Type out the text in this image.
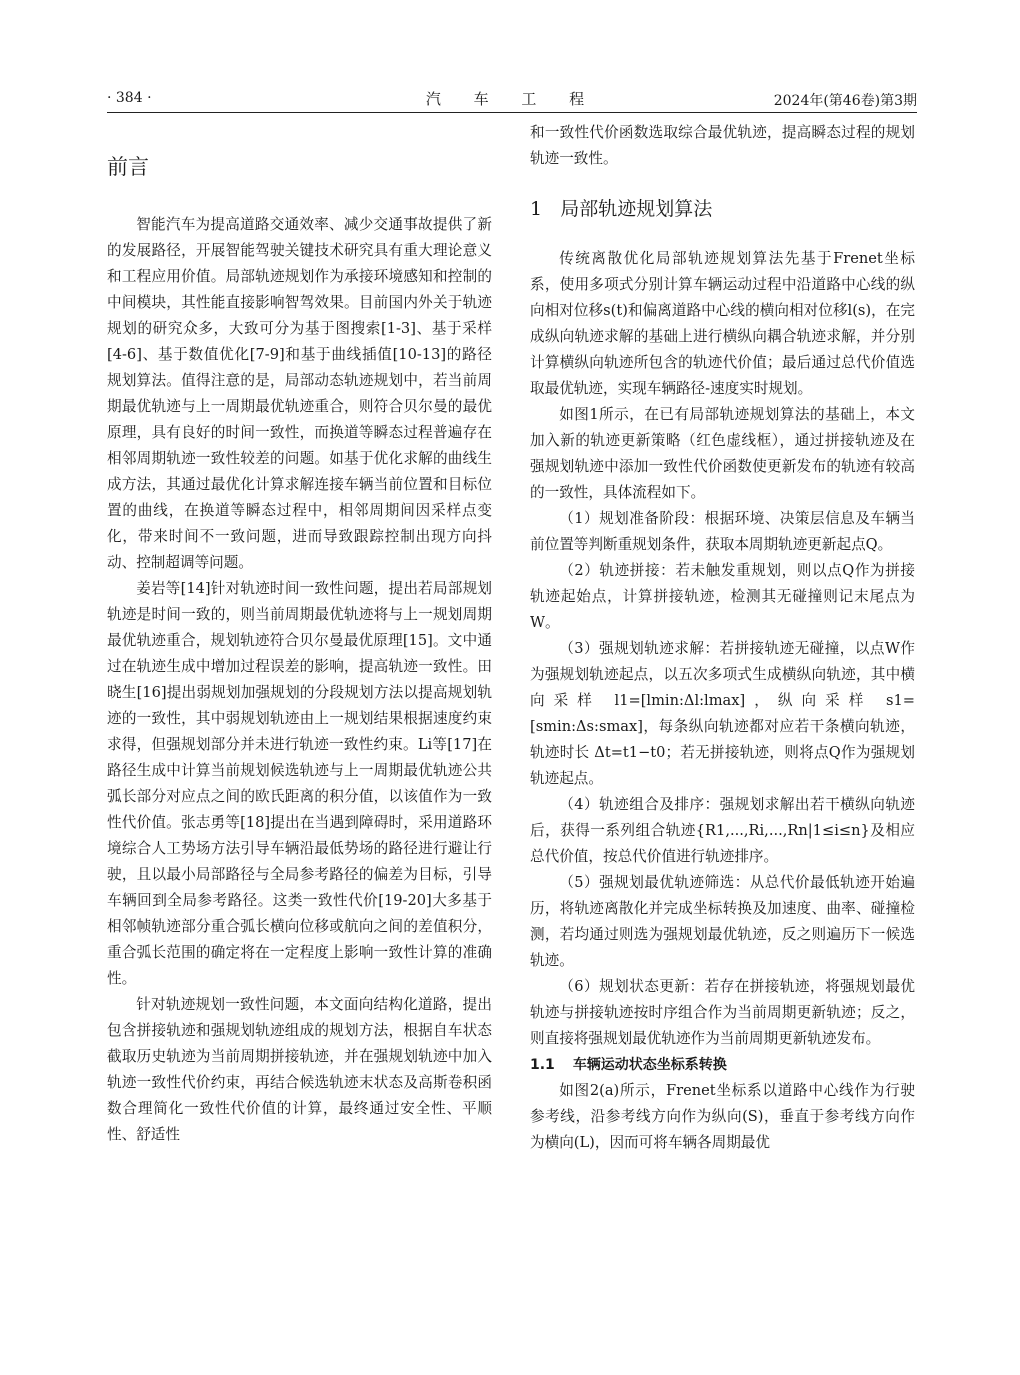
· 384 ·	汽 车 工 程	2024年(第46卷)第3期
前言

智能汽车为提高道路交通效率、减少交通事故提供了新的发展路径，开展智能驾驶关键技术研究具有重大理论意义和工程应用价值。局部轨迹规划作为承接环境感知和控制的中间模块，其性能直接影响智驾效果。目前国内外关于轨迹规划的研究众多，大致可分为基于图搜索[1-3]、基于采样[4-6]、基于数值优化[7-9]和基于曲线插值[10-13]的路径规划算法。值得注意的是，局部动态轨迹规划中，若当前周期最优轨迹与上一周期最优轨迹重合，则符合贝尔曼的最优原理，具有良好的时间一致性，而换道等瞬态过程普遍存在相邻周期轨迹一致性较差的问题。如基于优化求解的曲线生成方法，其通过最优化计算求解连接车辆当前位置和目标位置的曲线，在换道等瞬态过程中，相邻周期间因采样点变化，带来时间不一致问题，进而导致跟踪控制出现方向抖动、控制超调等问题。

姜岩等[14]针对轨迹时间一致性问题，提出若局部规划轨迹是时间一致的，则当前周期最优轨迹将与上一规划周期最优轨迹重合，规划轨迹符合贝尔曼最优原理[15]。文中通过在轨迹生成中增加过程误差的影响，提高轨迹一致性。田晓生[16]提出弱规划加强规划的分段规划方法以提高规划轨迹的一致性，其中弱规划轨迹由上一规划结果根据速度约束求得，但强规划部分并未进行轨迹一致性约束。Li等[17]在路径生成中计算当前规划候选轨迹与上一周期最优轨迹公共弧长部分对应点之间的欧氏距离的积分值，以该值作为一致性代价值。张志勇等[18]提出在当遇到障碍时，采用道路环境综合人工势场方法引导车辆沿最低势场的路径进行避让行驶，且以最小局部路径与全局参考路径的偏差为目标，引导车辆回到全局参考路径。这类一致性代价[19-20]大多基于相邻帧轨迹部分重合弧长横向位移或航向之间的差值积分，重合弧长范围的确定将在一定程度上影响一致性计算的准确性。

针对轨迹规划一致性问题，本文面向结构化道路，提出包含拼接轨迹和强规划轨迹组成的规划方法，根据自车状态截取历史轨迹为当前周期拼接轨迹，并在强规划轨迹中加入轨迹一致性代价约束，再结合候选轨迹末状态及高斯卷积函数合理简化一致性代价值的计算，最终通过安全性、平顺性、舒适性

和一致性代价函数选取综合最优轨迹，提高瞬态过程的规划轨迹一致性。

1 局部轨迹规划算法

传统离散优化局部轨迹规划算法先基于Frenet坐标系，使用多项式分别计算车辆运动过程中沿道路中心线的纵向相对位移s(t)和偏离道路中心线的横向相对位移l(s)，在完成纵向轨迹求解的基础上进行横纵向耦合轨迹求解，并分别计算横纵向轨迹所包含的轨迹代价值；最后通过总代价值选取最优轨迹，实现车辆路径-速度实时规划。

如图1所示，在已有局部轨迹规划算法的基础上，本文加入新的轨迹更新策略（红色虚线框），通过拼接轨迹及在强规划轨迹中添加一致性代价函数使更新发布的轨迹有较高的一致性，具体流程如下。

（1）规划准备阶段：根据环境、决策层信息及车辆当前位置等判断重规划条件，获取本周期轨迹更新起点Q。

（2）轨迹拼接：若未触发重规划，则以点Q作为拼接轨迹起始点，计算拼接轨迹，检测其无碰撞则记末尾点为W。

（3）强规划轨迹求解：若拼接轨迹无碰撞，以点W作为强规划轨迹起点，以五次多项式生成横纵向轨迹，其中横向采样 l1=[lmin:Δl:lmax]，纵向采样 s1=[smin:Δs:smax]，每条纵向轨迹都对应若干条横向轨迹，轨迹时长 Δt=t1−t0；若无拼接轨迹，则将点Q作为强规划轨迹起点。

（4）轨迹组合及排序：强规划求解出若干横纵向轨迹后，获得一系列组合轨迹{R1,...,Ri,...,Rn|1≤i≤n}及相应总代价值，按总代价值进行轨迹排序。

（5）强规划最优轨迹筛选：从总代价最低轨迹开始遍历，将轨迹离散化并完成坐标转换及加速度、曲率、碰撞检测，若均通过则选为强规划最优轨迹，反之则遍历下一候选轨迹。

（6）规划状态更新：若存在拼接轨迹，将强规划最优轨迹与拼接轨迹按时序组合作为当前周期更新轨迹；反之，则直接将强规划最优轨迹作为当前周期更新轨迹发布。

1.1 车辆运动状态坐标系转换

如图2(a)所示，Frenet坐标系以道路中心线作为行驶参考线，沿参考线方向作为纵向(S)，垂直于参考线方向作为横向(L)，因而可将车辆各周期最优
